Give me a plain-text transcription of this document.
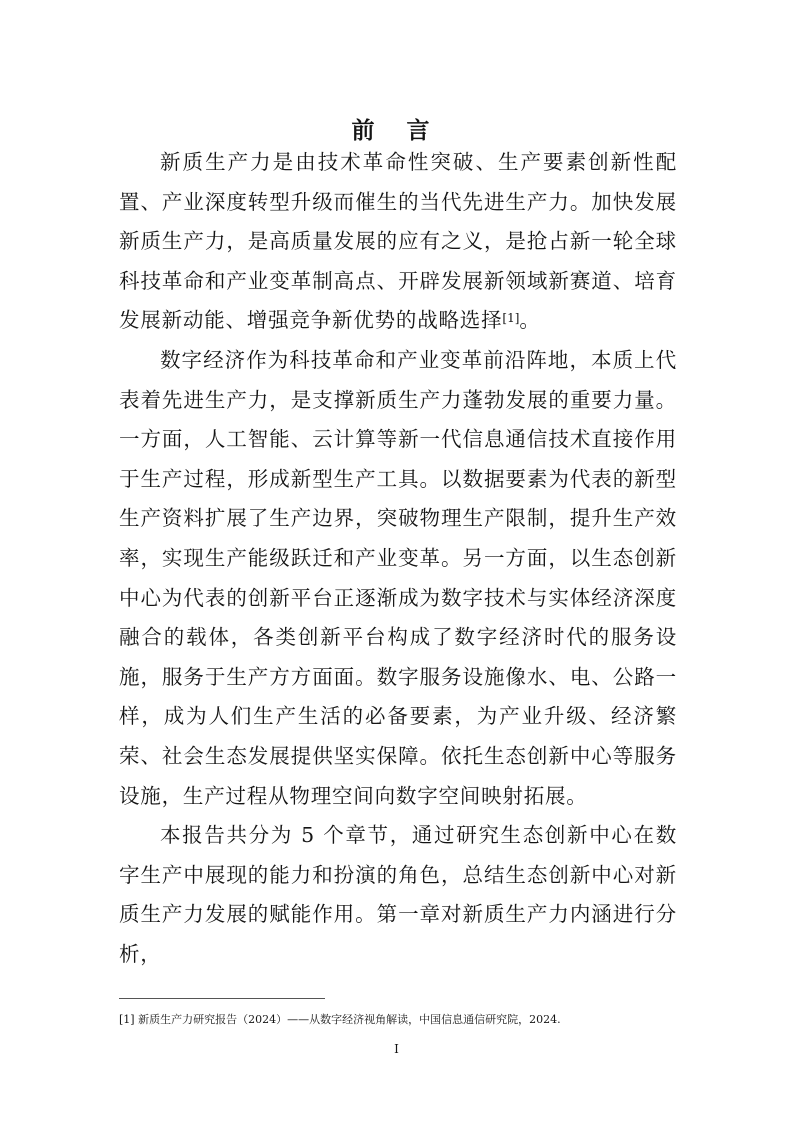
前 言

新质生产力是由技术革命性突破、生产要素创新性配置、产业深度转型升级而催生的当代先进生产力。加快发展新质生产力，是高质量发展的应有之义，是抢占新一轮全球科技革命和产业变革制高点、开辟发展新领域新赛道、培育发展新动能、增强竞争新优势的战略选择[1]。

数字经济作为科技革命和产业变革前沿阵地，本质上代表着先进生产力，是支撑新质生产力蓬勃发展的重要力量。一方面，人工智能、云计算等新一代信息通信技术直接作用于生产过程，形成新型生产工具。以数据要素为代表的新型生产资料扩展了生产边界，突破物理生产限制，提升生产效率，实现生产能级跃迁和产业变革。另一方面，以生态创新中心为代表的创新平台正逐渐成为数字技术与实体经济深度融合的载体，各类创新平台构成了数字经济时代的服务设施，服务于生产方方面面。数字服务设施像水、电、公路一样，成为人们生产生活的必备要素，为产业升级、经济繁荣、社会生态发展提供坚实保障。依托生态创新中心等服务设施，生产过程从物理空间向数字空间映射拓展。

本报告共分为 5 个章节，通过研究生态创新中心在数字生产中展现的能力和扮演的角色，总结生态创新中心对新质生产力发展的赋能作用。第一章对新质生产力内涵进行分析，

[1] 新质生产力研究报告（2024）——从数字经济视角解读，中国信息通信研究院，2024.
I
